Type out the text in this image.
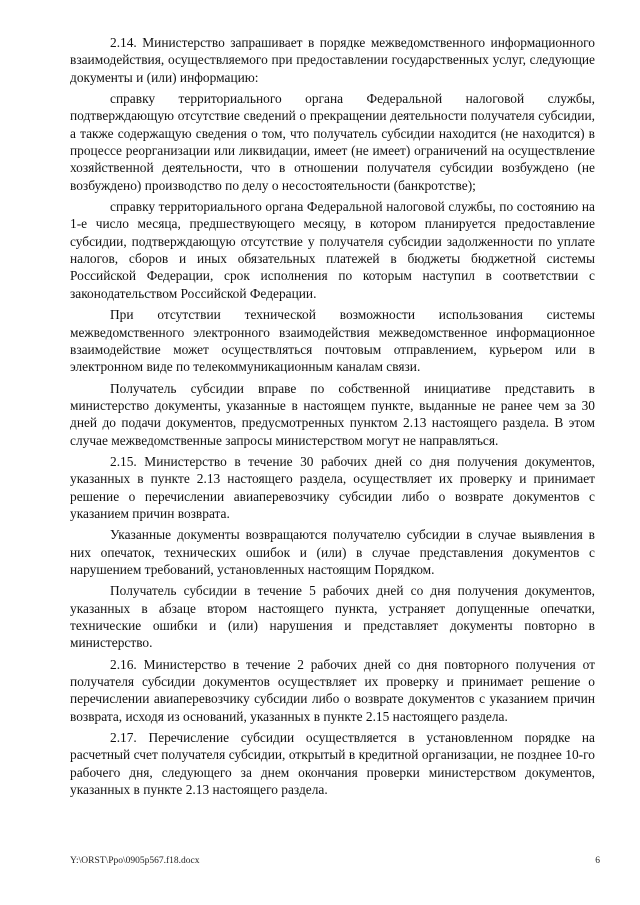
2.14. Министерство запрашивает в порядке межведомственного информационного взаимодействия, осуществляемого при предоставлении государственных услуг, следующие документы и (или) информацию:

справку территориального органа Федеральной налоговой службы, подтверждающую отсутствие сведений о прекращении деятельности получателя субсидии, а также содержащую сведения о том, что получатель субсидии находится (не находится) в процессе реорганизации или ликвидации, имеет (не имеет) ограничений на осуществление хозяйственной деятельности, что в отношении получателя субсидии возбуждено (не возбуждено) производство по делу о несостоятельности (банкротстве);

справку территориального органа Федеральной налоговой службы, по состоянию на 1-е число месяца, предшествующего месяцу, в котором планируется предоставление субсидии, подтверждающую отсутствие у получателя субсидии задолженности по уплате налогов, сборов и иных обязательных платежей в бюджеты бюджетной системы Российской Федерации, срок исполнения по которым наступил в соответствии с законодательством Российской Федерации.

При отсутствии технической возможности использования системы межведомственного электронного взаимодействия межведомственное информационное взаимодействие может осуществляться почтовым отправлением, курьером или в электронном виде по телекоммуникационным каналам связи.

Получатель субсидии вправе по собственной инициативе представить в министерство документы, указанные в настоящем пункте, выданные не ранее чем за 30 дней до подачи документов, предусмотренных пунктом 2.13 настоящего раздела. В этом случае межведомственные запросы министерством могут не направляться.

2.15. Министерство в течение 30 рабочих дней со дня получения документов, указанных в пункте 2.13 настоящего раздела, осуществляет их проверку и принимает решение о перечислении авиаперевозчику субсидии либо о возврате документов с указанием причин возврата.

Указанные документы возвращаются получателю субсидии в случае выявления в них опечаток, технических ошибок и (или) в случае представления документов с нарушением требований, установленных настоящим Порядком.

Получатель субсидии в течение 5 рабочих дней со дня получения документов, указанных в абзаце втором настоящего пункта, устраняет допущенные опечатки, технические ошибки и (или) нарушения и представляет документы повторно в министерство.

2.16. Министерство в течение 2 рабочих дней со дня повторного получения от получателя субсидии документов осуществляет их проверку и принимает решение о перечислении авиаперевозчику субсидии либо о возврате документов с указанием причин возврата, исходя из оснований, указанных в пункте 2.15 настоящего раздела.

2.17. Перечисление субсидии осуществляется в установленном порядке на расчетный счет получателя субсидии, открытый в кредитной организации, не позднее 10-го рабочего дня, следующего за днем окончания проверки министерством документов, указанных в пункте 2.13 настоящего раздела.

Y:\ORST\Ppo\0905p567.f18.docx	6
